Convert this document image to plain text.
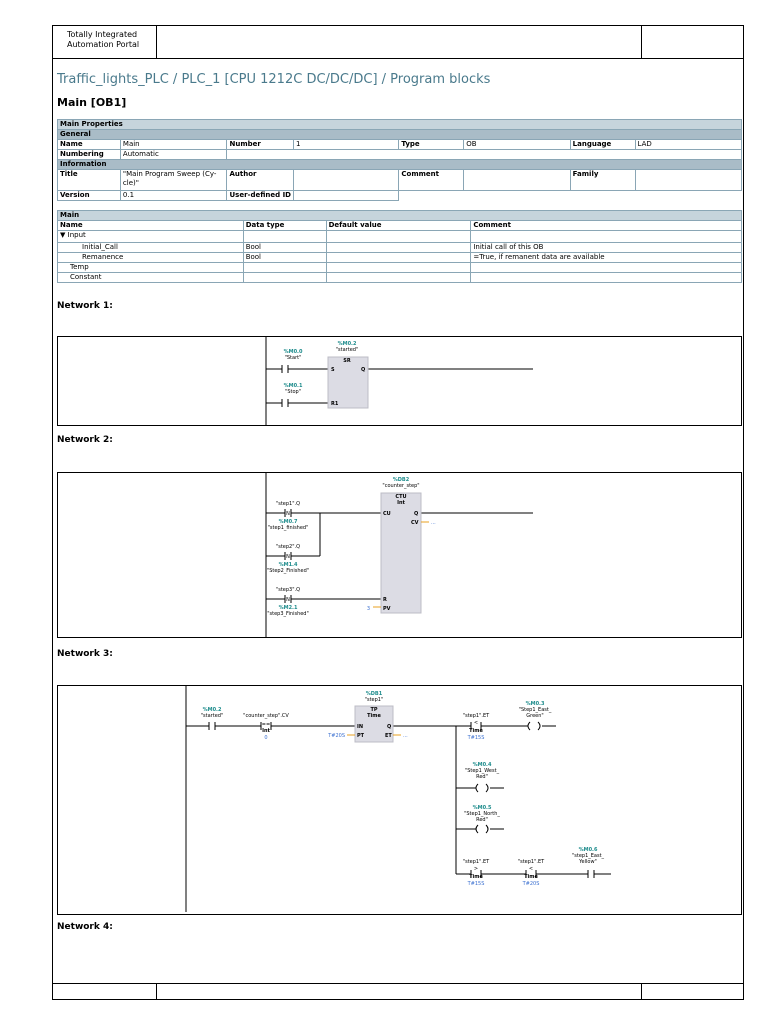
Totally Integrated
Automation Portal
Traffic_lights_PLC / PLC_1 [CPU 1212C DC/DC/DC] / Program blocks
Main [OB1]
Main Properties							
General							
Name	Main	Number	1	Type	OB	Language	LAD
Numbering	Automatic						
Information							
Title	"Main Program Sweep (Cy-
cle)"	Author		Comment		Family	
Version	0.1	User-defined ID					
Main			
Name	Data type	Default value	Comment
▼ Input			
Initial_Call	Bool		Initial call of this OB
Remanence	Bool		=True, if remanent data are available
Temp			
Constant			
Network 1:
%M0.0
"Start"
%M0.1
"Stop"
%M0.2
"started"
SR
S
R1
Q
Network 2:
%DB2
"counter_step"
CTU
Int
CU
R
PV
Q
CV
3
...
"step1".Q
N
%M0.7
"step1_finished"
"step2".Q
N
%M1.4
"Step2_Finished"
"step3".Q
N
%M2.1
"step3_Finished"
Network 3:
%M0.2
"started"	"counter_step".CV
==
Int
0
%DB1
"step1"
TP
Time
IN
PT
Q
ET
T#20S	...
"step1".ET
<
Time
T#15S
%M0.3
"Step1_East_
Green"
%M0.4
"Step1_West_
Red"
%M0.5
"Step1_North_
Red"
"step1".ET
>
Time
T#15S
"step1".ET
<
Time
T#20S
%M0.6
"step1_East_
Yellow"
Network 4:
